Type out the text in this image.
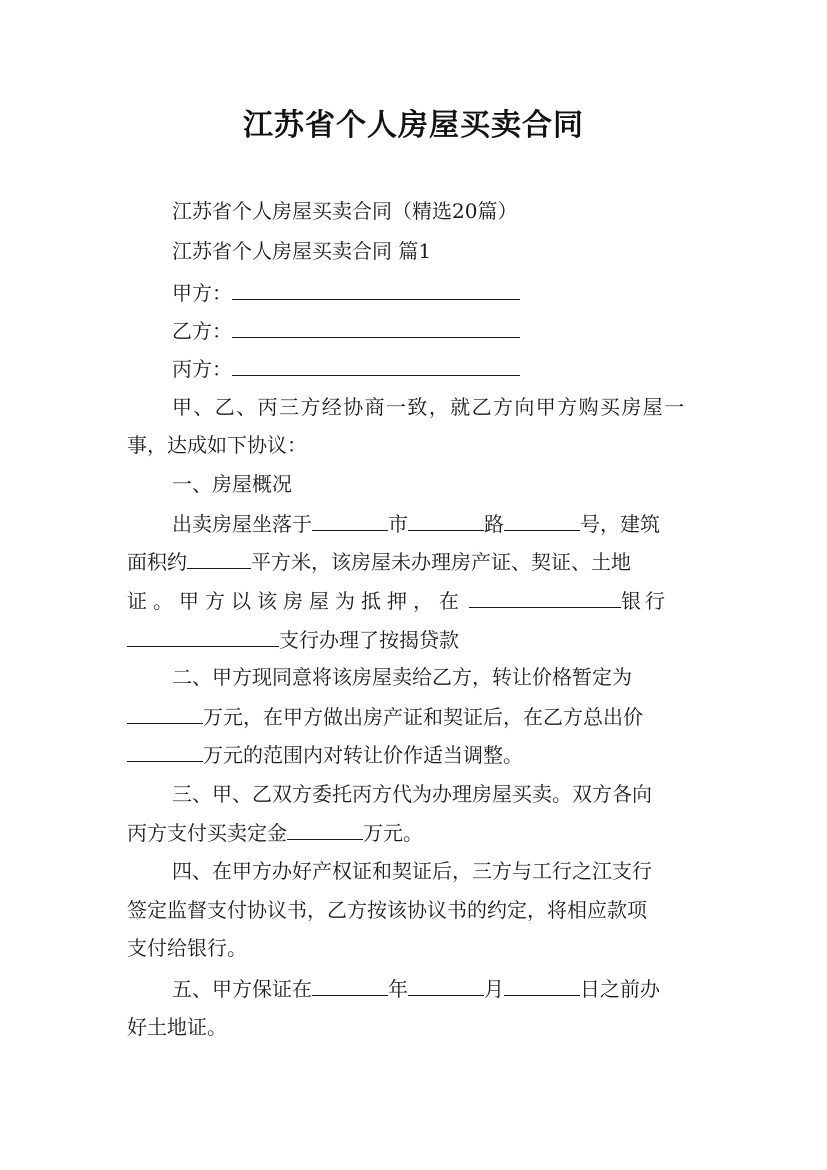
江苏省个人房屋买卖合同
江苏省个人房屋买卖合同（精选20篇）
江苏省个人房屋买卖合同 篇1
甲方：
乙方：
丙方：
甲、乙、丙三方经协商一致，就乙方向甲方购买房屋一
事，达成如下协议：
一、房屋概况
出卖房屋坐落于	市	路	号，建筑
面积约	平方米，该房屋未办理房产证、契证、土地
证。甲方以该房屋为抵押，在	银行
支行办理了按揭贷款
二、甲方现同意将该房屋卖给乙方，转让价格暂定为
万元，在甲方做出房产证和契证后，在乙方总出价
万元的范围内对转让价作适当调整。
三、甲、乙双方委托丙方代为办理房屋买卖。双方各向
丙方支付买卖定金	万元。
四、在甲方办好产权证和契证后，三方与工行之江支行
签定监督支付协议书，乙方按该协议书的约定，将相应款项
支付给银行。
五、甲方保证在	年	月	日之前办
好土地证。
